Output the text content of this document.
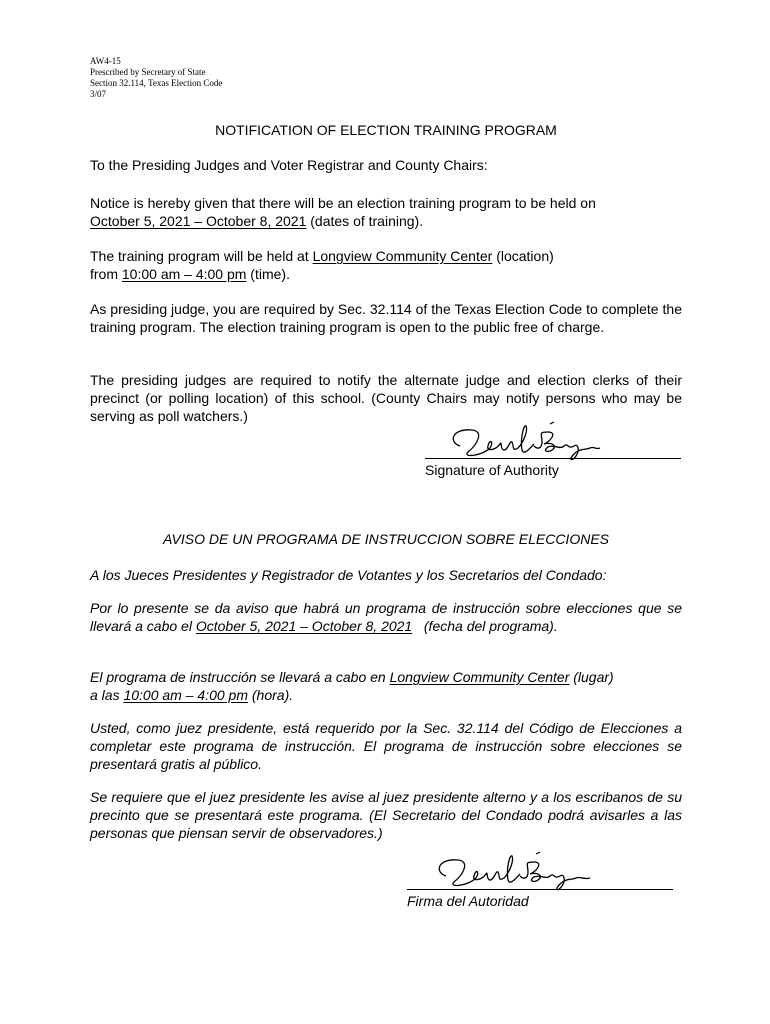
AW4-15
Prescribed by Secretary of State
Section 32.114, Texas Election Code
3/07
NOTIFICATION OF ELECTION TRAINING PROGRAM
To the Presiding Judges and Voter Registrar and County Chairs:
Notice is hereby given that there will be an election training program to be held on
October 5, 2021 – October 8, 2021 (dates of training).
The training program will be held at Longview Community Center (location)
from 10:00 am – 4:00 pm (time).
As presiding judge, you are required by Sec. 32.114 of the Texas Election Code to complete the training program. The election training program is open to the public free of charge.
The presiding judges are required to notify the alternate judge and election clerks of their precinct (or polling location) of this school. (County Chairs may notify persons who may be serving as poll watchers.)
Signature of Authority
AVISO DE UN PROGRAMA DE INSTRUCCION SOBRE ELECCIONES
A los Jueces Presidentes y Registrador de Votantes y los Secretarios del Condado:
Por lo presente se da aviso que habrá un programa de instrucción sobre elecciones que se llevará a cabo el October 5, 2021 – October 8, 2021   (fecha del programa).
El programa de instrucción se llevará a cabo en Longview Community Center (lugar)
a las 10:00 am – 4:00 pm (hora).
Usted, como juez presidente, está requerido por la Sec. 32.114 del Código de Elecciones a completar este programa de instrucción. El programa de instrucción sobre elecciones se presentará gratis al público.
Se requiere que el juez presidente les avise al juez presidente alterno y a los escribanos de su precinto que se presentará este programa. (El Secretario del Condado podrá avisarles a las personas que piensan servir de observadores.)
Firma del Autoridad
